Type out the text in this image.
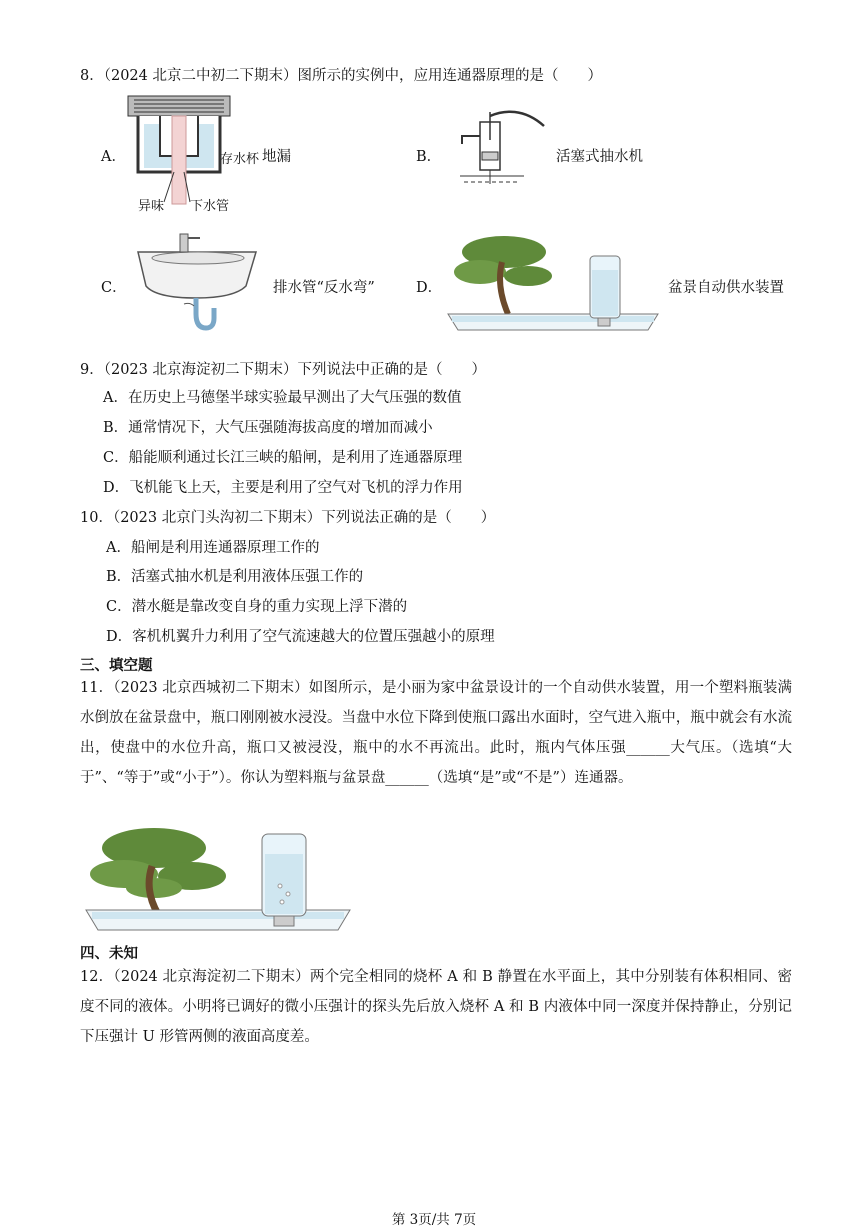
8．（2024 北京二中初二下期末）图所示的实例中，应用连通器原理的是（　　）
A．	存水杯 地漏
异味 下水管
B．	活塞式抽水机
C．	排水管“反水弯”	D．	盆景自动供水装置
9．（2023 北京海淀初二下期末）下列说法中正确的是（　　）
A．在历史上马德堡半球实验最早测出了大气压强的数值
B．通常情况下，大气压强随海拔高度的增加而减小
C．船能顺利通过长江三峡的船闸，是利用了连通器原理
D．飞机能飞上天，主要是利用了空气对飞机的浮力作用
10．（2023 北京门头沟初二下期末）下列说法正确的是（　　）
A．船闸是利用连通器原理工作的
B．活塞式抽水机是利用液体压强工作的
C．潜水艇是靠改变自身的重力实现上浮下潜的
D．客机机翼升力利用了空气流速越大的位置压强越小的原理
三、填空题
11．（2023 北京西城初二下期末）如图所示，是小丽为家中盆景设计的一个自动供水装置，用一个塑料瓶装满水倒放在盆景盘中，瓶口刚刚被水浸没。当盘中水位下降到使瓶口露出水面时，空气进入瓶中，瓶中就会有水流出，使盘中的水位升高，瓶口又被浸没，瓶中的水不再流出。此时，瓶内气体压强______大气压。（选填“大于”、“等于”或“小于”）。你认为塑料瓶与盆景盘______（选填“是”或“不是”）连通器。
四、未知
12．（2024 北京海淀初二下期末）两个完全相同的烧杯 A 和 B 静置在水平面上，其中分别装有体积相同、密度不同的液体。小明将已调好的微小压强计的探头先后放入烧杯 A 和 B 内液体中同一深度并保持静止，分别记下压强计 U 形管两侧的液面高度差。
第 3页/共 7页
